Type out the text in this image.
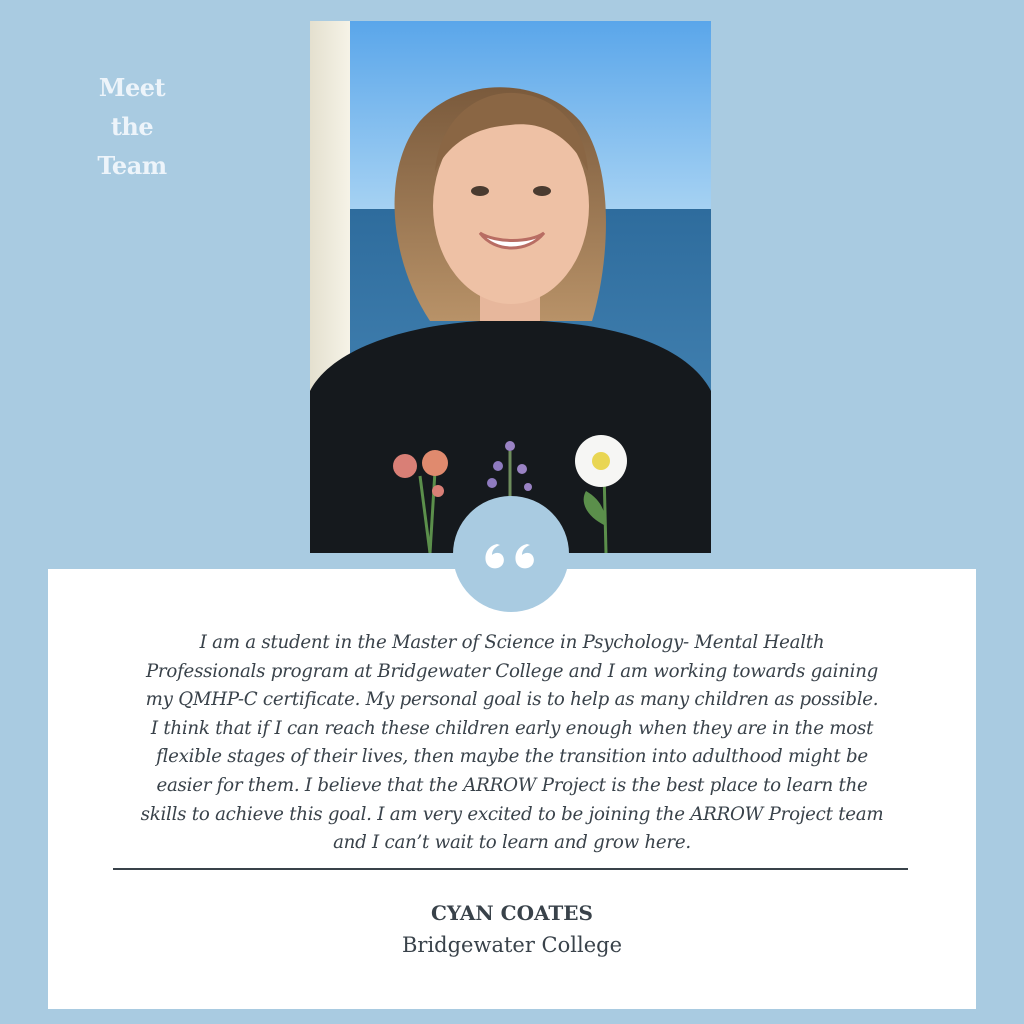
Meet
the
Team

I am a student in the Master of Science in Psychology- Mental Health
Professionals program at Bridgewater College and I am working towards gaining
my QMHP-C certificate. My personal goal is to help as many children as possible.
I think that if I can reach these children early enough when they are in the most
flexible stages of their lives, then maybe the transition into adulthood might be
easier for them. I believe that the ARROW Project is the best place to learn the
skills to achieve this goal. I am very excited to be joining the ARROW Project team
and I can’t wait to learn and grow here.

CYAN COATES
Bridgewater College
